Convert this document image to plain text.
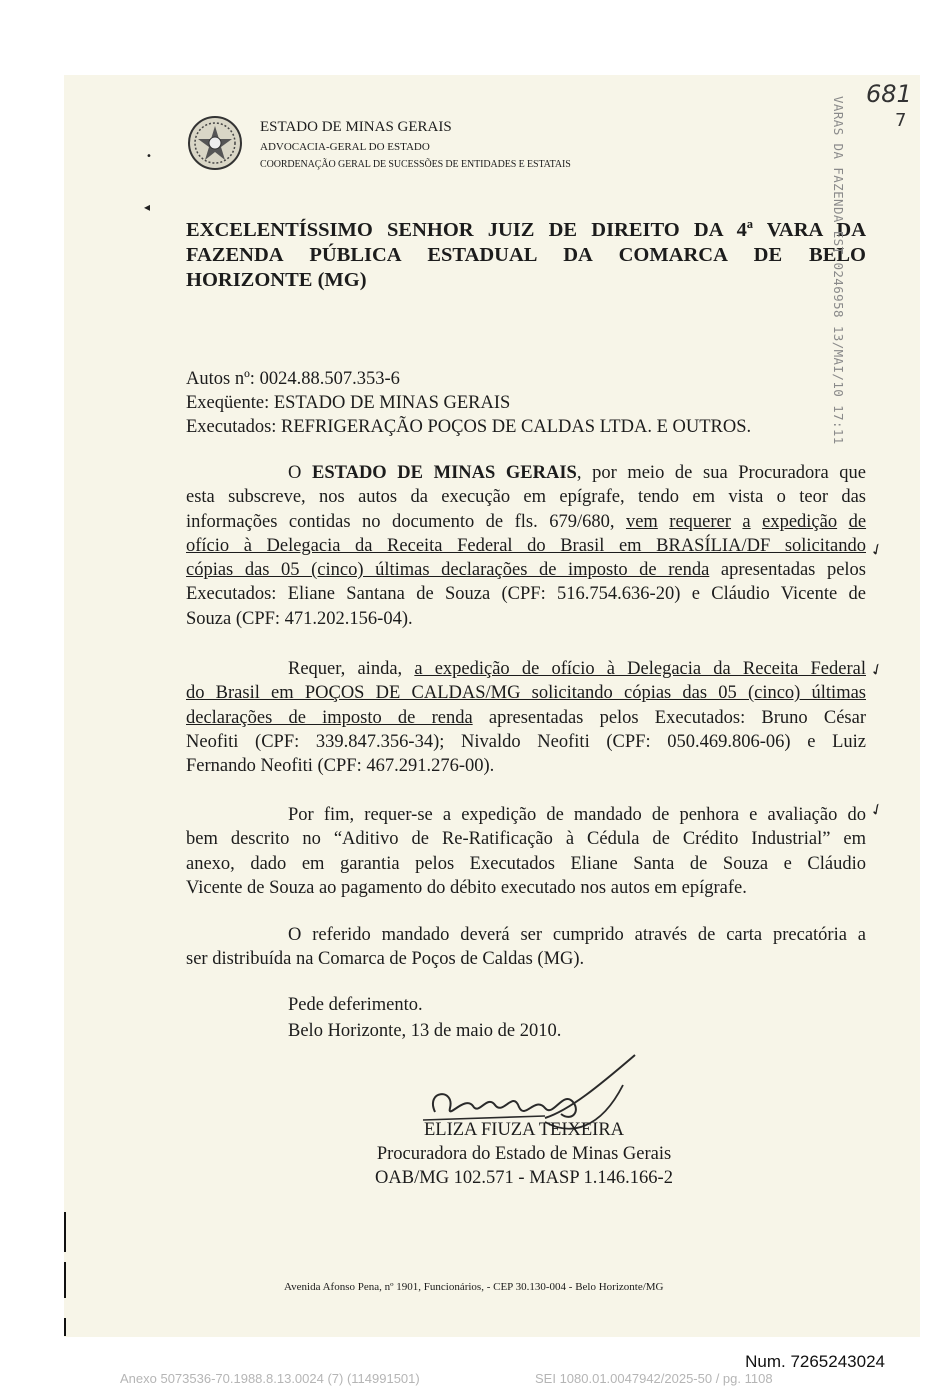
ESTADO DE MINAS GERAIS
ADVOCACIA-GERAL DO ESTADO
COORDENAÇÃO GERAL DE SUCESSÕES DE ENTIDADES E ESTATAIS
EXCELENTÍSSIMO SENHOR JUIZ DE DIREITO DA 4ª VARA DA
FAZENDA PÚBLICA ESTADUAL DA COMARCA DE BELO
HORIZONTE (MG)
Autos nº: 0024.88.507.353-6
Exeqüente: ESTADO DE MINAS GERAIS
Executados: REFRIGERAÇÃO POÇOS DE CALDAS LTDA. E OUTROS.
O ESTADO DE MINAS GERAIS, por meio de sua Procuradora que
esta subscreve, nos autos da execução em epígrafe, tendo em vista o teor das
informações contidas no documento de fls. 679/680, vem requerer a expedição de
ofício à Delegacia da Receita Federal do Brasil em BRASÍLIA/DF solicitando
cópias das 05 (cinco) últimas declarações de imposto de renda apresentadas pelos
Executados: Eliane Santana de Souza (CPF: 516.754.636-20) e Cláudio Vicente de
Souza (CPF: 471.202.156-04).
Requer, ainda, a expedição de ofício à Delegacia da Receita Federal
do Brasil em POÇOS DE CALDAS/MG solicitando cópias das 05 (cinco) últimas
declarações de imposto de renda apresentadas pelos Executados: Bruno César
Neofiti (CPF: 339.847.356-34); Nivaldo Neofiti (CPF: 050.469.806-06) e Luiz
Fernando Neofiti (CPF: 467.291.276-00).
Por fim, requer-se a expedição de mandado de penhora e avaliação do
bem descrito no “Aditivo de Re-Ratificação à Cédula de Crédito Industrial” em
anexo, dado em garantia pelos Executados Eliane Santa de Souza e Cláudio
Vicente de Souza ao pagamento do débito executado nos autos em epígrafe.
O referido mandado deverá ser cumprido através de carta precatória a
ser distribuída na Comarca de Poços de Caldas (MG).
Pede deferimento.
Belo Horizonte, 13 de maio de 2010.
ELIZA FIUZA TEIXEIRA
Procuradora do Estado de Minas Gerais
OAB/MG 102.571 - MASP 1.146.166-2
Avenida Afonso Pena, nº 1901, Funcionários, - CEP 30.130-004 - Belo Horizonte/MG
VARAS DA FAZENDA EST 0246958 13/MAI/10 17:11
681
7
•
◂
✓
✓
✓
Num. 7265243024
Anexo 5073536-70.1988.8.13.0024 (7) (114991501)	SEI 1080.01.0047942/2025-50 / pg. 1108
